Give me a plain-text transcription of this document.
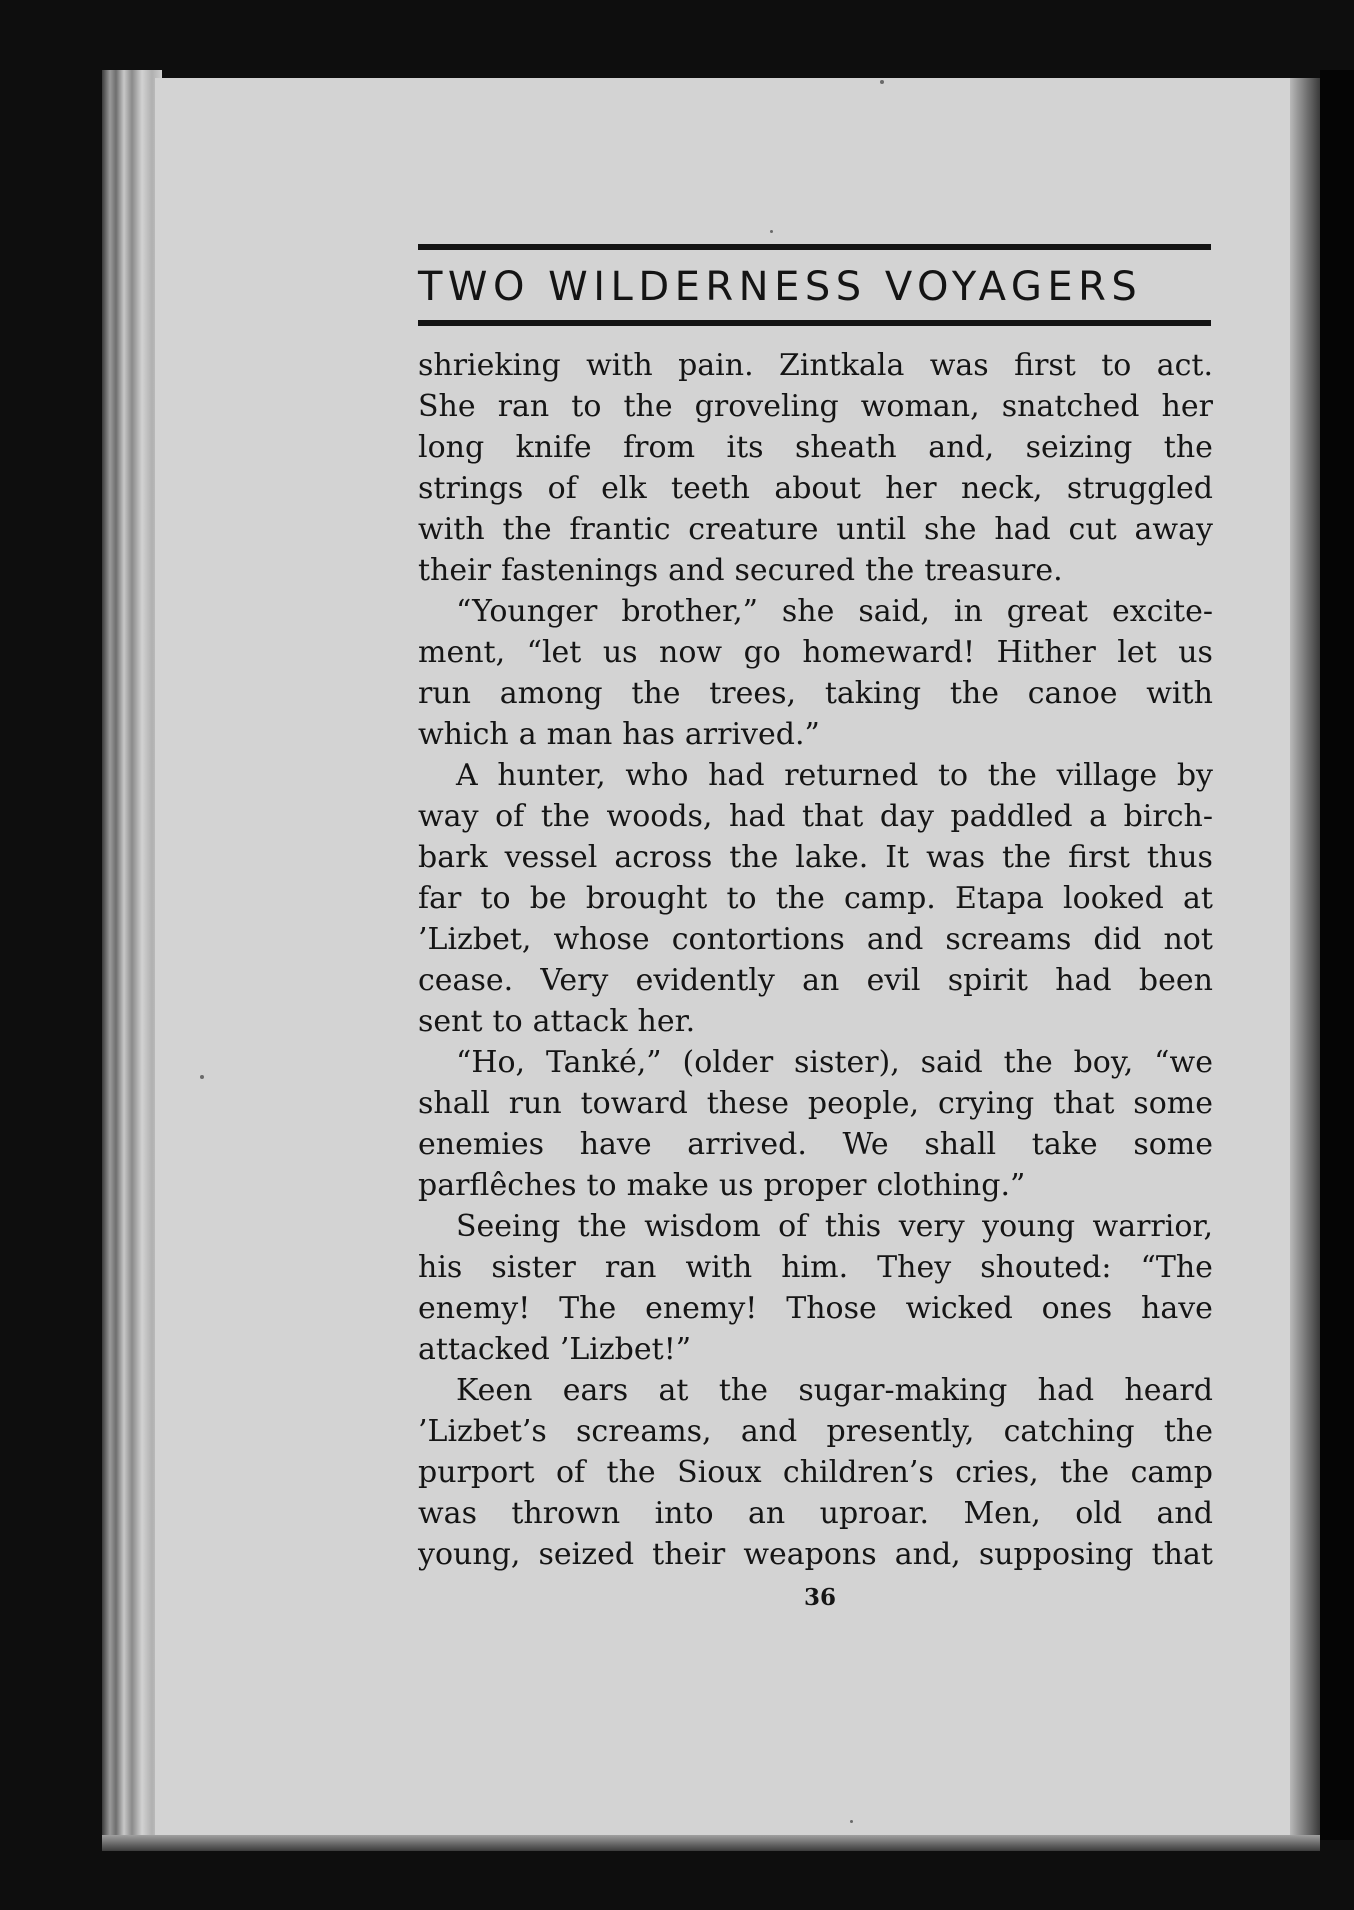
TWO WILDERNESS VOYAGERS
shrieking with pain. Zintkala was first to act.
She ran to the groveling woman, snatched her
long knife from its sheath and, seizing the
strings of elk teeth about her neck, struggled
with the frantic creature until she had cut away
their fastenings and secured the treasure.
“Younger brother,” she said, in great excite-
ment, “let us now go homeward! Hither let us
run among the trees, taking the canoe with
which a man has arrived.”
A hunter, who had returned to the village by
way of the woods, had that day paddled a birch-
bark vessel across the lake. It was the first thus
far to be brought to the camp. Etapa looked at
’Lizbet, whose contortions and screams did not
cease. Very evidently an evil spirit had been
sent to attack her.
“Ho, Tanké,” (older sister), said the boy, “we
shall run toward these people, crying that some
enemies have arrived. We shall take some
parflêches to make us proper clothing.”
Seeing the wisdom of this very young warrior,
his sister ran with him. They shouted: “The
enemy! The enemy! Those wicked ones have
attacked ’Lizbet!”
Keen ears at the sugar-making had heard
’Lizbet’s screams, and presently, catching the
purport of the Sioux children’s cries, the camp
was thrown into an uproar. Men, old and
young, seized their weapons and, supposing that
36
